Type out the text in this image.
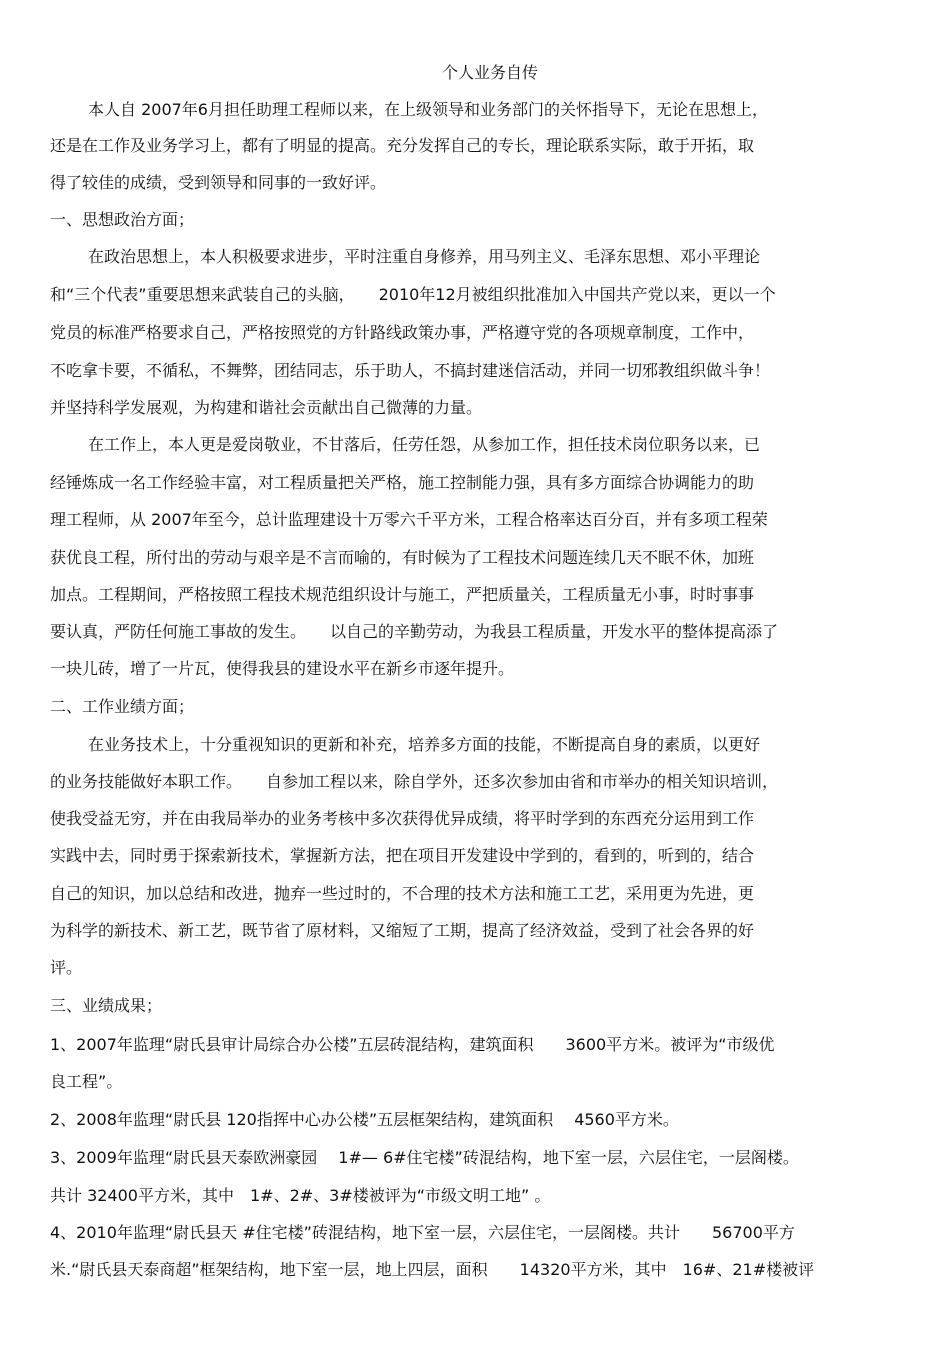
个人业务自传
本人自 2007年6月担任助理工程师以来，在上级领导和业务部门的关怀指导下，无论在思想上，
还是在工作及业务学习上，都有了明显的提高。充分发挥自己的专长，理论联系实际，敢于开拓，取
得了较佳的成绩，受到领导和同事的一致好评。
一、思想政治方面；
在政治思想上，本人积极要求进步，平时注重自身修养，用马列主义、毛泽东思想、邓小平理论
和“三个代表”重要思想来武装自己的头脑，　　2010年12月被组织批准加入中国共产党以来，更以一个
党员的标准严格要求自己，严格按照党的方针路线政策办事，严格遵守党的各项规章制度，工作中，
不吃拿卡要，不循私，不舞弊，团结同志，乐于助人，不搞封建迷信活动，并同一切邪教组织做斗争！
并坚持科学发展观，为构建和谐社会贡献出自己微薄的力量。
在工作上，本人更是爱岗敬业，不甘落后，任劳任怨，从参加工作，担任技术岗位职务以来，已
经锤炼成一名工作经验丰富，对工程质量把关严格，施工控制能力强，具有多方面综合协调能力的助
理工程师，从 2007年至今，总计监理建设十万零六千平方米，工程合格率达百分百，并有多项工程荣
获优良工程，所付出的劳动与艰辛是不言而喻的，有时候为了工程技术问题连续几天不眠不休，加班
加点。工程期间，严格按照工程技术规范组织设计与施工，严把质量关，工程质量无小事，时时事事
要认真，严防任何施工事故的发生。　　以自己的辛勤劳动，为我县工程质量，开发水平的整体提高添了
一块儿砖，增了一片瓦，使得我县的建设水平在新乡市逐年提升。
二、工作业绩方面；
在业务技术上，十分重视知识的更新和补充，培养多方面的技能，不断提高自身的素质，以更好
的业务技能做好本职工作。　　自参加工程以来，除自学外，还多次参加由省和市举办的相关知识培训，
使我受益无穷，并在由我局举办的业务考核中多次获得优异成绩，将平时学到的东西充分运用到工作
实践中去，同时勇于探索新技术，掌握新方法，把在项目开发建设中学到的，看到的，听到的，结合
自己的知识，加以总结和改进，抛弃一些过时的，不合理的技术方法和施工工艺，采用更为先进，更
为科学的新技术、新工艺，既节省了原材料，又缩短了工期，提高了经济效益，受到了社会各界的好
评。
三、业绩成果；
1、2007年监理“尉氏县审计局综合办公楼”五层砖混结构，建筑面积　　3600平方米。被评为“市级优
良工程”。
2、2008年监理“尉氏县 120指挥中心办公楼”五层框架结构，建筑面积　 4560平方米。
3、2009年监理“尉氏县天泰欧洲豪园　 1#— 6#住宅楼”砖混结构，地下室一层，六层住宅，一层阁楼。
共计 32400平方米，其中　1#、2#、3#楼被评为“市级文明工地” 。
4、2010年监理“尉氏县天 #住宅楼”砖混结构，地下室一层，六层住宅，一层阁楼。共计　　56700平方
米.“尉氏县天泰商超”框架结构，地下室一层，地上四层，面积　　14320平方米，其中　16#、21#楼被评
